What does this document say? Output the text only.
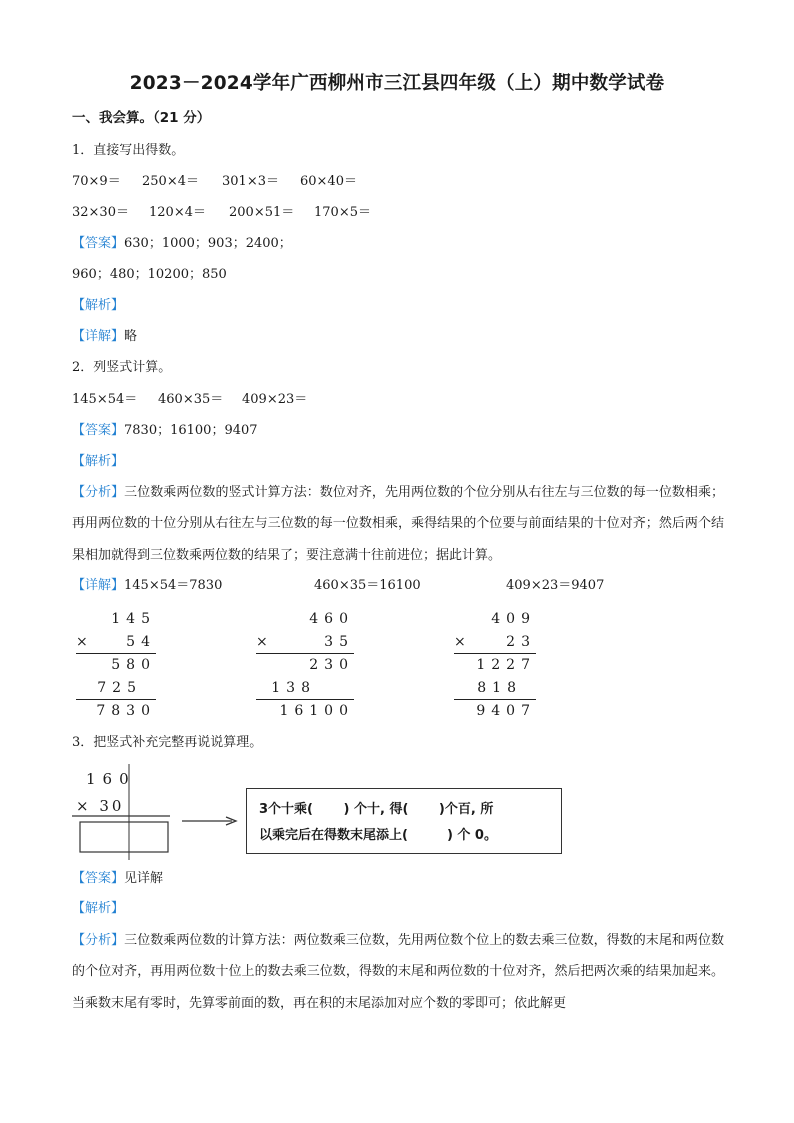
2023－2024学年广西柳州市三江县四年级（上）期中数学试卷
一、我会算。（21 分）
1．直接写出得数。
70×9＝ 250×4＝ 301×3＝ 60×40＝
32×30＝ 120×4＝ 200×51＝ 170×5＝
【答案】630；1000；903；2400；
960；480；10200；850
【解析】
【详解】略
2．列竖式计算。
145×54＝ 460×35＝ 409×23＝
【答案】7830；16100；9407
【解析】
【分析】三位数乘两位数的竖式计算方法：数位对齐，先用两位数的个位分别从右往左与三位数的每一位数相乘；再用两位数的十位分别从右往左与三位数的每一位数相乘，乘得结果的个位要与前面结果的十位对齐；然后两个结果相加就得到三位数乘两位数的结果了；要注意满十往前进位；据此计算。
【详解】145×54＝7830	460×35＝16100	409×23＝9407
145
×	54
580
725
7830
460
×	35
230
138
16100
409
×	23
1227
818
9407
3．把竖式补充完整再说说算理。
160
× 30	3个十乘(　　 ) 个十, 得(　　 )个百, 所
以乘完后在得数末尾添上(　　　) 个 0。
【答案】见详解
【解析】
【分析】三位数乘两位数的计算方法：两位数乘三位数，先用两位数个位上的数去乘三位数，得数的末尾和两位数的个位对齐，再用两位数十位上的数去乘三位数，得数的末尾和两位数的十位对齐，然后把两次乘的结果加起来。当乘数末尾有零时，先算零前面的数，再在积的末尾添加对应个数的零即可；依此解更
